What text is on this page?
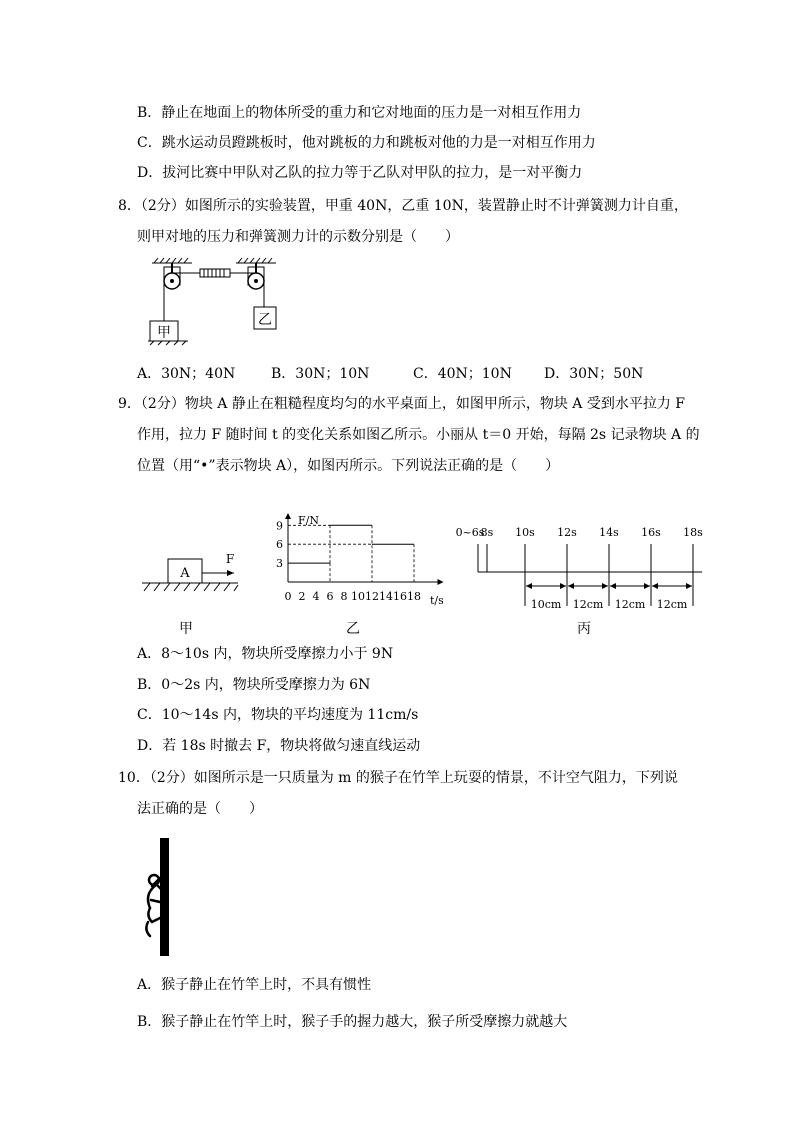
B．静止在地面上的物体所受的重力和它对地面的压力是一对相互作用力
C．跳水运动员蹬跳板时，他对跳板的力和跳板对他的力是一对相互作用力
D．拔河比赛中甲队对乙队的拉力等于乙队对甲队的拉力，是一对平衡力
8．（2分）如图所示的实验装置，甲重 40N，乙重 10N，装置静止时不计弹簧测力计自重，
则甲对地的压力和弹簧测力计的示数分别是（　　）
甲
乙
A．30N；40N	B．30N；10N	C．40N；10N D．30N；50N
9．（2分）物块 A 静止在粗糙程度均匀的水平桌面上，如图甲所示，物块 A 受到水平拉力 F
作用，拉力 F 随时间 t 的变化关系如图乙所示。小丽从 t＝0 开始，每隔 2s 记录物块 A 的
位置（用“•”表示物块 A），如图丙所示。下列说法正确的是（　　）
A
F
甲
3
6
9
0 2 4 6 8 10 12 14 16 18
F/N
t/s
乙
0~6s
8s 10s 12s 14s 16s 18s
10cm 12cm 12cm 12cm
丙
A．8～10s 内，物块所受摩擦力小于 9N
B．0～2s 内，物块所受摩擦力为 6N
C．10～14s 内，物块的平均速度为 11cm/s
D．若 18s 时撤去 F，物块将做匀速直线运动
10．（2分）如图所示是一只质量为 m 的猴子在竹竿上玩耍的情景，不计空气阻力，下列说
法正确的是（　　）
A．猴子静止在竹竿上时，不具有惯性
B．猴子静止在竹竿上时，猴子手的握力越大，猴子所受摩擦力就越大
